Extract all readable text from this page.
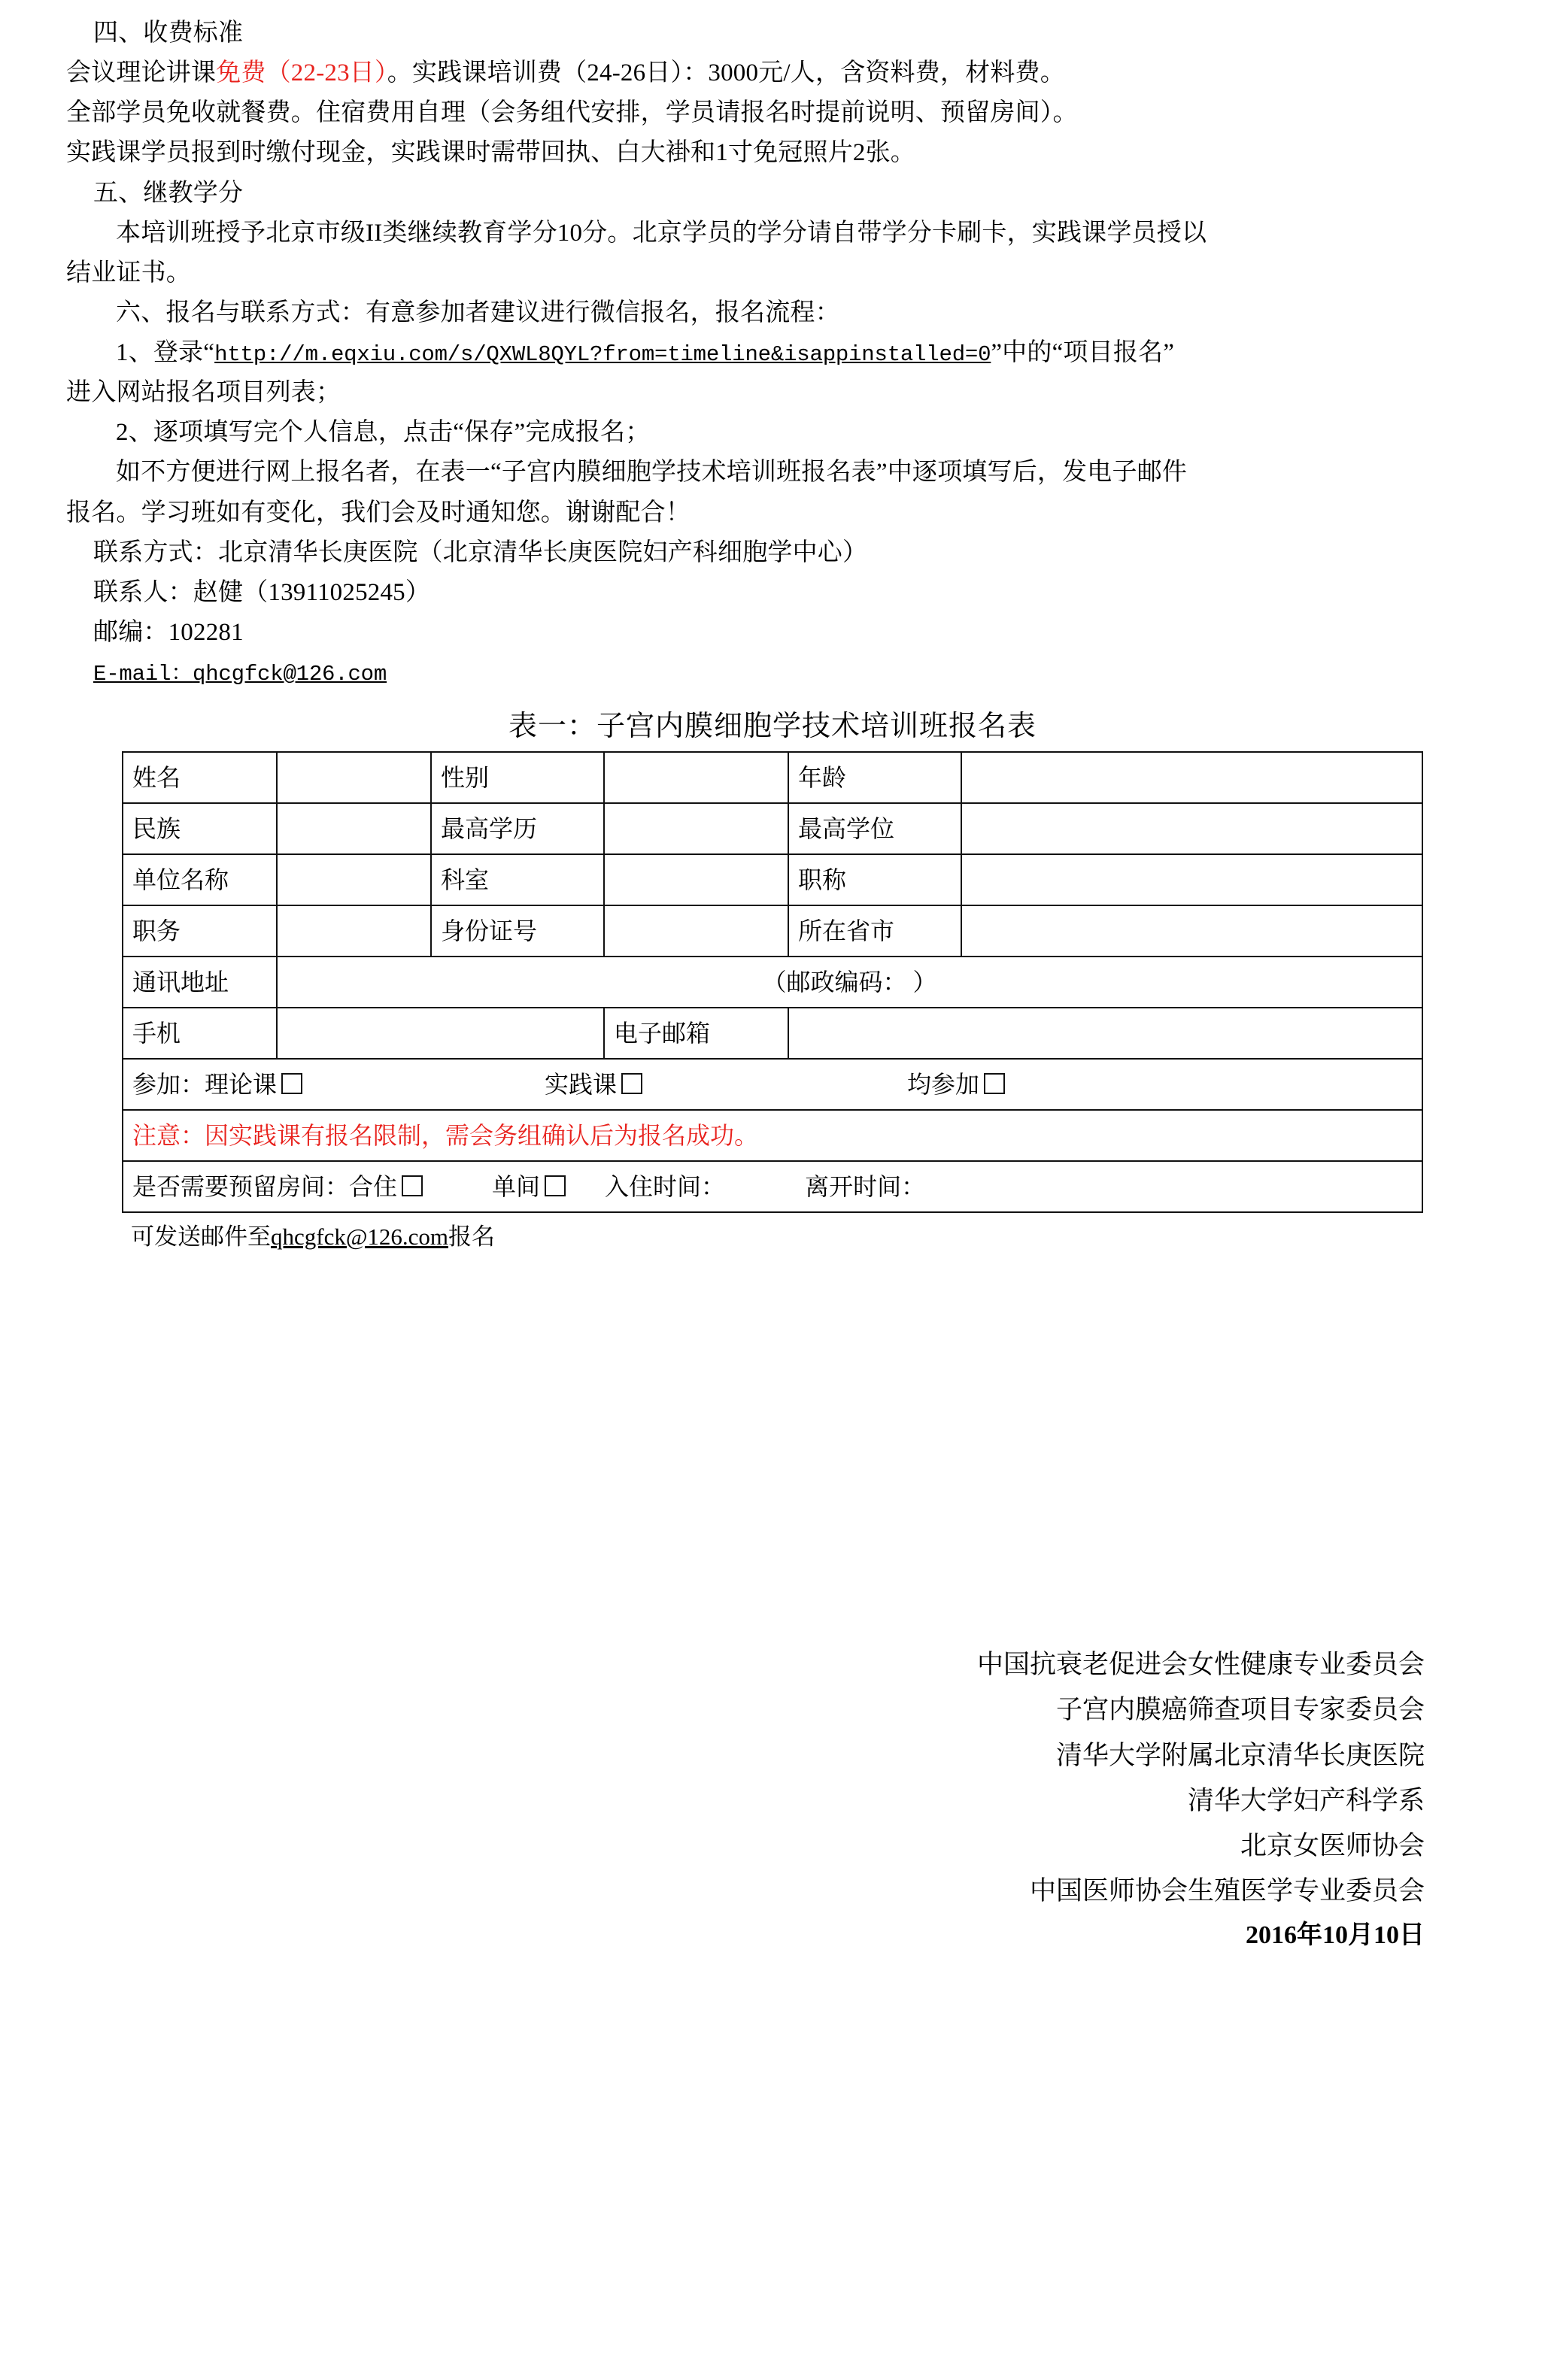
四、收费标准

会议理论讲课免费（22-23日）。实践课培训费（24-26日）：3000元/人，含资料费，材料费。

全部学员免收就餐费。住宿费用自理（会务组代安排，学员请报名时提前说明、预留房间）。

实践课学员报到时缴付现金，实践课时需带回执、白大褂和1寸免冠照片2张。

五、继教学分

本培训班授予北京市级II类继续教育学分10分。北京学员的学分请自带学分卡刷卡，实践课学员授以

结业证书。

六、报名与联系方式：有意参加者建议进行微信报名，报名流程：

1、登录“http://m.eqxiu.com/s/QXWL8QYL?from=timeline&isappinstalled=0”中的“项目报名”

进入网站报名项目列表；

2、逐项填写完个人信息，点击“保存”完成报名；

如不方便进行网上报名者，在表一“子宫内膜细胞学技术培训班报名表”中逐项填写后，发电子邮件

报名。学习班如有变化，我们会及时通知您。谢谢配合！

联系方式：北京清华长庚医院（北京清华长庚医院妇产科细胞学中心）

联系人：赵健（13911025245）

邮编：102281

E-mail：qhcgfck@126.com

表一：子宫内膜细胞学技术培训班报名表
姓名		性别		年龄	
民族		最高学历		最高学位	
单位名称		科室		职称	
职务		身份证号		所在省市	
通讯地址	（邮政编码： ）				
手机			电子邮箱		
参加：理论课 实践课 均参加					
注意：因实践课有报名限制，需会务组确认后为报名成功。					
是否需要预留房间：合住 单间 入住时间： 离开时间：					
可发送邮件至qhcgfck@126.com报名
中国抗衰老促进会女性健康专业委员会
子宫内膜癌筛查项目专家委员会
清华大学附属北京清华长庚医院
清华大学妇产科学系
北京女医师协会
中国医师协会生殖医学专业委员会
2016年10月10日
